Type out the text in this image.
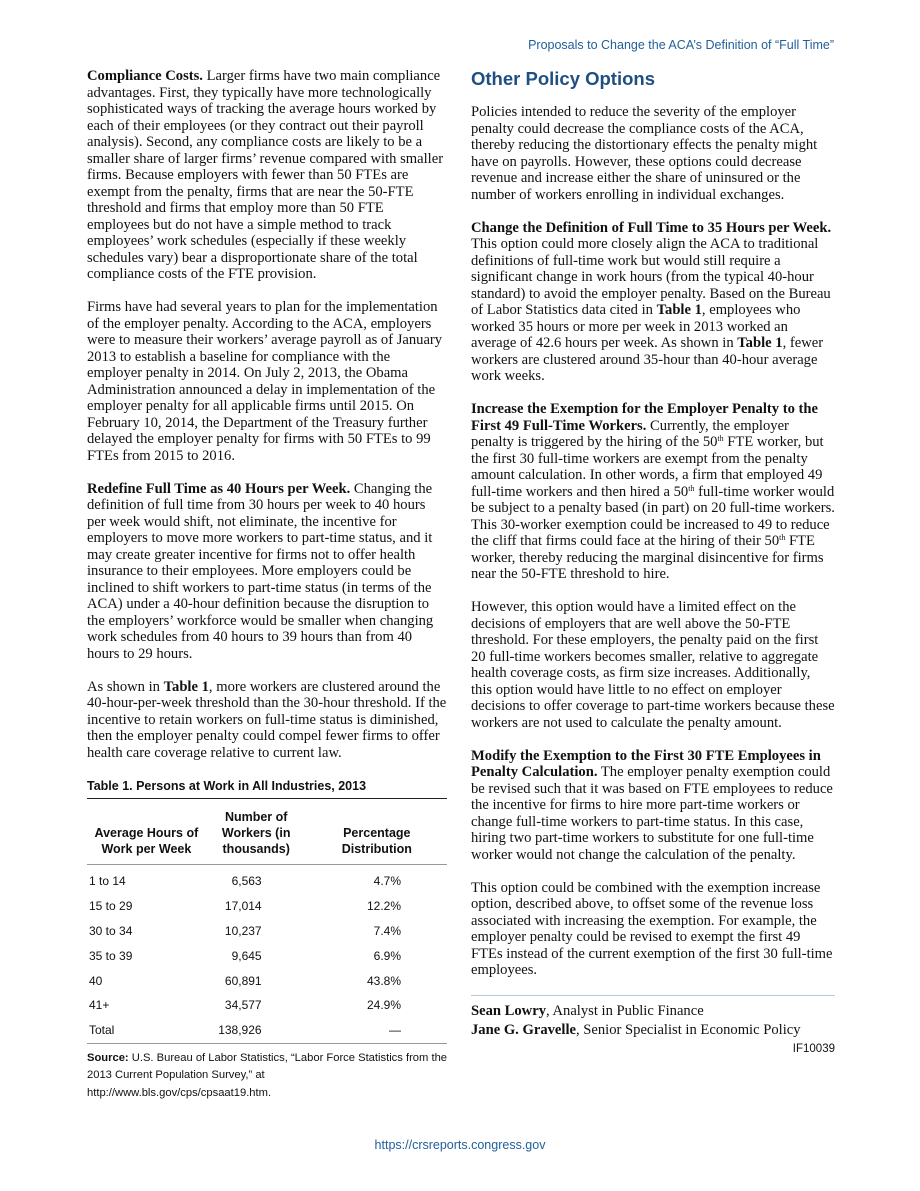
Proposals to Change the ACA’s Definition of “Full Time”

Compliance Costs. Larger firms have two main compliance advantages. First, they typically have more technologically sophisticated ways of tracking the average hours worked by each of their employees (or they contract out their payroll analysis). Second, any compliance costs are likely to be a smaller share of larger firms’ revenue compared with smaller firms. Because employers with fewer than 50 FTEs are exempt from the penalty, firms that are near the 50-FTE threshold and firms that employ more than 50 FTE employees but do not have a simple method to track employees’ work schedules (especially if these weekly schedules vary) bear a disproportionate share of the total compliance costs of the FTE provision.

Firms have had several years to plan for the implementation of the employer penalty. According to the ACA, employers were to measure their workers’ average payroll as of January 2013 to establish a baseline for compliance with the employer penalty in 2014. On July 2, 2013, the Obama Administration announced a delay in implementation of the employer penalty for all applicable firms until 2015. On February 10, 2014, the Department of the Treasury further delayed the employer penalty for firms with 50 FTEs to 99 FTEs from 2015 to 2016.

Redefine Full Time as 40 Hours per Week. Changing the definition of full time from 30 hours per week to 40 hours per week would shift, not eliminate, the incentive for employers to move more workers to part-time status, and it may create greater incentive for firms not to offer health insurance to their employees. More employers could be inclined to shift workers to part-time status (in terms of the ACA) under a 40-hour definition because the disruption to the employers’ workforce would be smaller when changing work schedules from 40 hours to 39 hours than from 40 hours to 29 hours.

As shown in Table 1, more workers are clustered around the 40-hour-per-week threshold than the 30-hour threshold. If the incentive to retain workers on full-time status is diminished, then the employer penalty could compel fewer firms to offer health care coverage relative to current law.

Table 1. Persons at Work in All Industries, 2013
Average Hours of Work per Week	Number of Workers (in thousands)	Percentage Distribution
1 to 14	6,563	4.7%
15 to 29	17,014	12.2%
30 to 34	10,237	7.4%
35 to 39	9,645	6.9%
40	60,891	43.8%
41+	34,577	24.9%
Total	138,926	—
Source: U.S. Bureau of Labor Statistics, “Labor Force Statistics from the 2013 Current Population Survey,” at http://www.bls.gov/cps/cpsaat19.htm.
Other Policy Options

Policies intended to reduce the severity of the employer penalty could decrease the compliance costs of the ACA, thereby reducing the distortionary effects the penalty might have on payrolls. However, these options could decrease revenue and increase either the share of uninsured or the number of workers enrolling in individual exchanges.

Change the Definition of Full Time to 35 Hours per Week. This option could more closely align the ACA to traditional definitions of full-time work but would still require a significant change in work hours (from the typical 40-hour standard) to avoid the employer penalty. Based on the Bureau of Labor Statistics data cited in Table 1, employees who worked 35 hours or more per week in 2013 worked an average of 42.6 hours per week. As shown in Table 1, fewer workers are clustered around 35-hour than 40-hour average work weeks.

Increase the Exemption for the Employer Penalty to the First 49 Full-Time Workers. Currently, the employer penalty is triggered by the hiring of the 50th FTE worker, but the first 30 full-time workers are exempt from the penalty amount calculation. In other words, a firm that employed 49 full-time workers and then hired a 50th full-time worker would be subject to a penalty based (in part) on 20 full-time workers. This 30-worker exemption could be increased to 49 to reduce the cliff that firms could face at the hiring of their 50th FTE worker, thereby reducing the marginal disincentive for firms near the 50-FTE threshold to hire.

However, this option would have a limited effect on the decisions of employers that are well above the 50-FTE threshold. For these employers, the penalty paid on the first 20 full-time workers becomes smaller, relative to aggregate health coverage costs, as firm size increases. Additionally, this option would have little to no effect on employer decisions to offer coverage to part-time workers because these workers are not used to calculate the penalty amount.

Modify the Exemption to the First 30 FTE Employees in Penalty Calculation. The employer penalty exemption could be revised such that it was based on FTE employees to reduce the incentive for firms to hire more part-time workers or change full-time workers to part-time status. In this case, hiring two part-time workers to substitute for one full-time worker would not change the calculation of the penalty.

This option could be combined with the exemption increase option, described above, to offset some of the revenue loss associated with increasing the exemption. For example, the employer penalty could be revised to exempt the first 49 FTEs instead of the current exemption of the first 30 full-time employees.

Sean Lowry, Analyst in Public Finance
Jane G. Gravelle, Senior Specialist in Economic Policy
IF10039
https://crsreports.congress.gov
